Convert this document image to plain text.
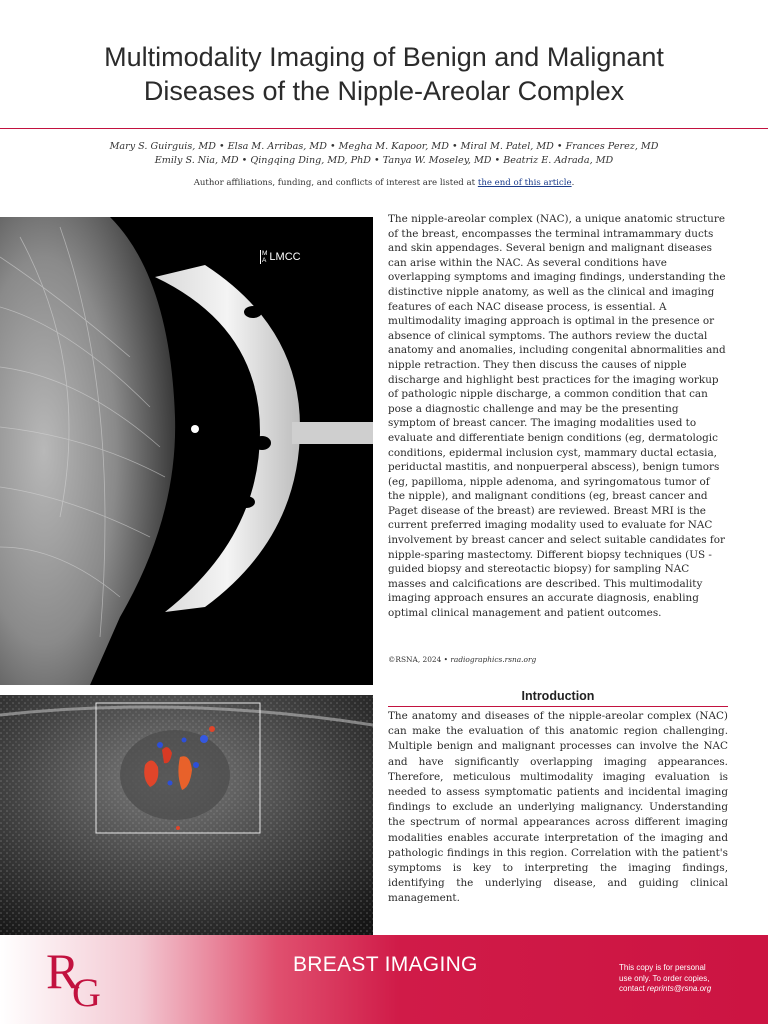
Multimodality Imaging of Benign and Malignant
Diseases of the Nipple-Areolar Complex
Mary S. Guirguis, MD • Elsa M. Arribas, MD • Megha M. Kapoor, MD • Miral M. Patel, MD • Frances Perez, MD
Emily S. Nia, MD • Qingqing Ding, MD, PhD • Tanya W. Moseley, MD • Beatriz E. Adrada, MD
Author affiliations, funding, and conflicts of interest are listed at the end of this article.
M
A LMCC

The nipple-areolar complex (NAC), a unique anatomic structure of the breast, encompasses the terminal intramammary ducts and skin appendages. Several benign and malignant diseases can arise within the NAC. As several conditions have overlapping symptoms and imaging findings, understanding the distinctive nipple anatomy, as well as the clinical and imaging features of each NAC disease process, is essential. A multimodality imaging approach is optimal in the presence or absence of clinical symptoms. The authors review the ductal anatomy and anomalies, including congenital abnormalities and nipple retraction. They then discuss the causes of nipple discharge and highlight best practices for the imaging workup of pathologic nipple discharge, a common condition that can pose a diagnostic challenge and may be the presenting symptom of breast cancer. The imaging modalities used to evaluate and differentiate benign conditions (eg, dermatologic conditions, epidermal inclusion cyst, mammary ductal ectasia, periductal mastitis, and nonpuerperal abscess), benign tumors (eg, papilloma, nipple adenoma, and syringomatous tumor of the nipple), and malignant conditions (eg, breast cancer and Paget disease of the breast) are reviewed. Breast MRI is the current preferred imaging modality used to evaluate for NAC involvement by breast cancer and select suitable candidates for nipple-sparing mastectomy. Different biopsy techniques (US -guided biopsy and stereotactic biopsy) for sampling NAC masses and calcifications are described. This multimodality imaging approach ensures an accurate diagnosis, enabling optimal clinical management and patient outcomes.

©RSNA, 2024 • radiographics.rsna.org
Introduction

The anatomy and diseases of the nipple-areolar complex (NAC) can make the evaluation of this anatomic region challenging. Multiple benign and malignant processes can involve the NAC and have significantly overlapping imaging appearances. Therefore, meticulous multimodality imaging evaluation is needed to assess symptomatic patients and incidental imaging findings to exclude an underlying malignancy. Understanding the spectrum of normal appearances across different imaging modalities enables accurate interpretation of the imaging and pathologic findings in this region. Correlation with the patient's symptoms is key to interpreting the imaging findings, identifying the underlying disease, and guiding clinical management.

R
G
BREAST IMAGING	This copy is for personal
use only. To order copies,
contact reprints@rsna.org
